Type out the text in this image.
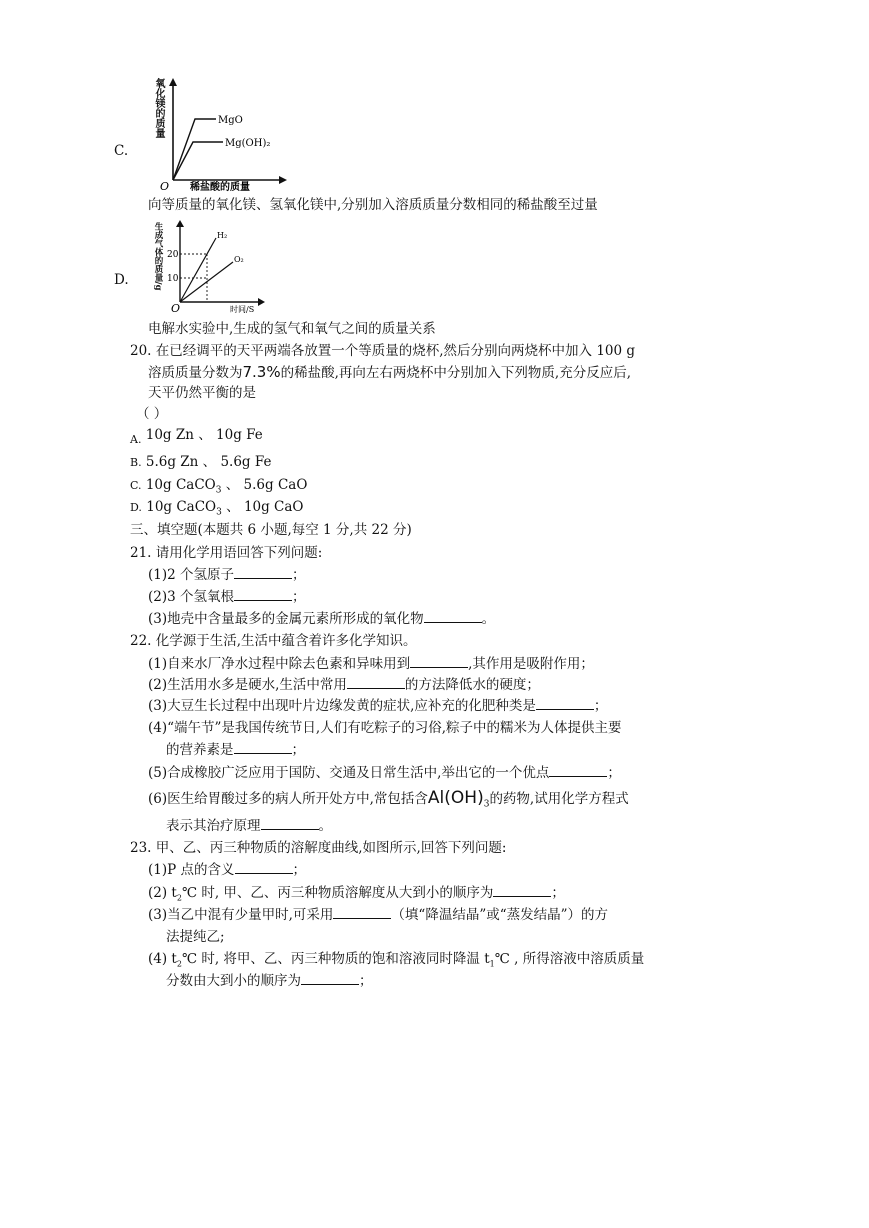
C.
MgO
Mg(OH)₂
O 稀盐酸的质量
氧化镁的质量
向等质量的氧化镁、氢氧化镁中,分别加入溶质质量分数相同的稀盐酸至过量
D.
20
10
H₂
O₂
O	时间/S
生成气体的质量/g
电解水实验中,生成的氢气和氧气之间的质量关系
20. 在已经调平的天平两端各放置一个等质量的烧杯,然后分别向两烧杯中加入 100 g
溶质质量分数为7.3%的稀盐酸,再向左右两烧杯中分别加入下列物质,充分反应后,
天平仍然平衡的是
（ ）
A. 10g Zn 、 10g Fe
B. 5.6g Zn 、 5.6g Fe
C. 10g CaCO$_3$ 、 5.6g CaO
D. 10g CaCO$_3$ 、 10g CaO
三、填空题(本题共 6 小题,每空 1 分,共 22 分)
21. 请用化学用语回答下列问题:
(1)2 个氢原子	；
(2)3 个氢氧根	；
(3)地壳中含量最多的金属元素所形成的氧化物	。
22. 化学源于生活,生活中蕴含着许多化学知识。
(1)自来水厂净水过程中除去色素和异味用到	,其作用是吸附作用；
(2)生活用水多是硬水,生活中常用	的方法降低水的硬度；
(3)大豆生长过程中出现叶片边缘发黄的症状,应补充的化肥种类是	；
(4)“端午节”是我国传统节日,人们有吃粽子的习俗,粽子中的糯米为人体提供主要
的营养素是	；
(5)合成橡胶广泛应用于国防、交通及日常生活中,举出它的一个优点	；
(6)医生给胃酸过多的病人所开处方中,常包括含$Al(OH)_3$的药物,试用化学方程式
表示其治疗原理	。
23. 甲、乙、丙三种物质的溶解度曲线,如图所示,回答下列问题:
(1)P 点的含义	；
(2) $t_2℃$ 时, 甲、乙、丙三种物质溶解度从大到小的顺序为	；
(3)当乙中混有少量甲时,可采用	（填“降温结晶”或“蒸发结晶”）的方
法提纯乙;
(4) $t_2℃$ 时, 将甲、乙、丙三种物质的饱和溶液同时降温 $t_1℃$ , 所得溶液中溶质质量
分数由大到小的顺序为	；
